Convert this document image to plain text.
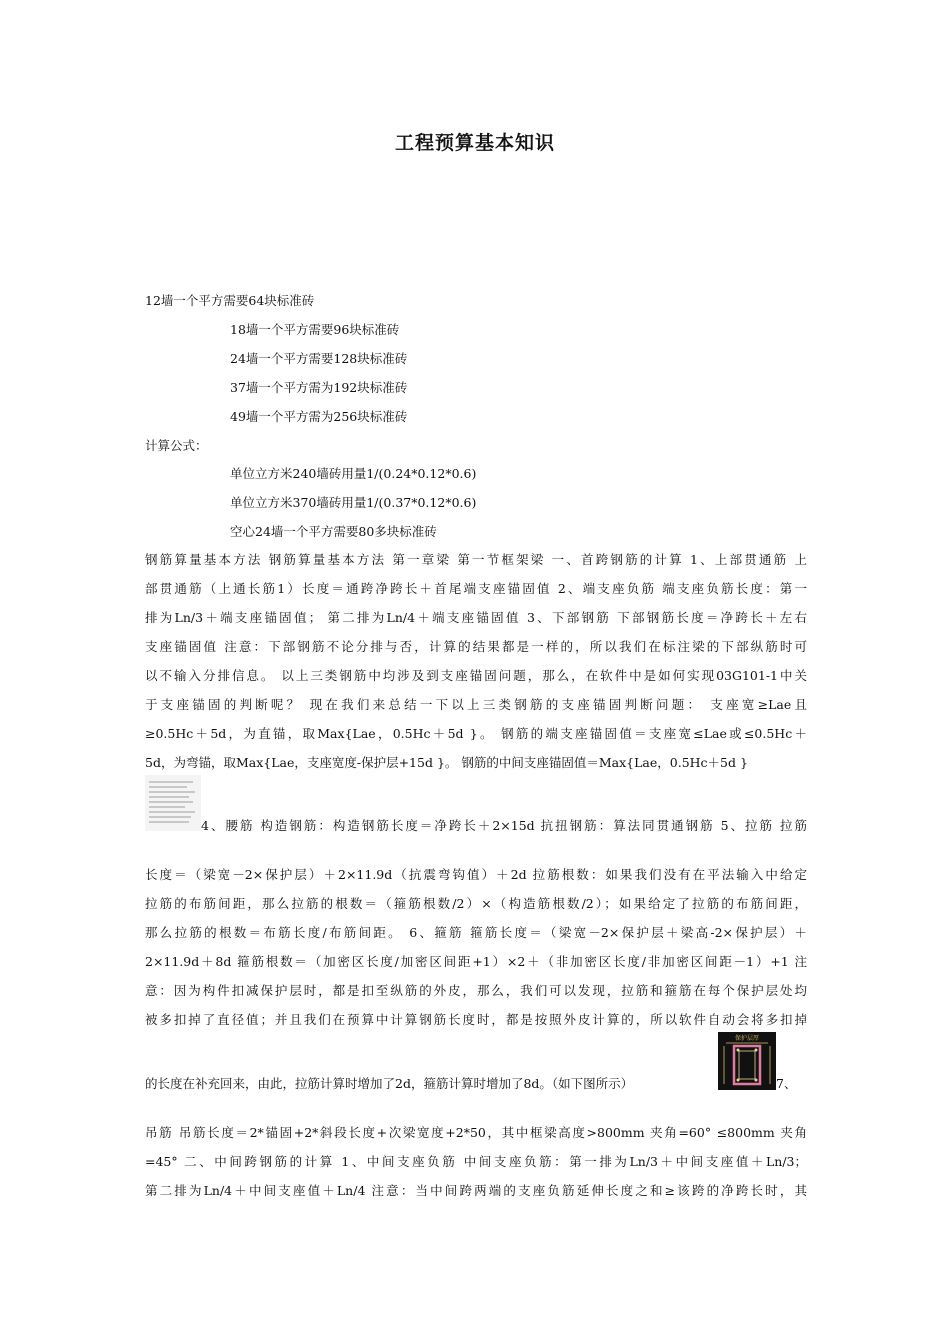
工程预算基本知识
12墙一个平方需要64块标准砖
18墙一个平方需要96块标准砖
24墙一个平方需要128块标准砖
37墙一个平方需为192块标准砖
49墙一个平方需为256块标准砖
计算公式：
单位立方米240墙砖用量1/(0.24*0.12*0.6)
单位立方米370墙砖用量1/(0.37*0.12*0.6)
空心24墙一个平方需要80多块标准砖
钢筋算量基本方法 钢筋算量基本方法 第一章梁 第一节框架梁 一、首跨钢筋的计算 1、上部贯通筋 上
部贯通筋（上通长筋1）长度＝通跨净跨长＋首尾端支座锚固值 2、端支座负筋 端支座负筋长度：第一
排为Ln/3＋端支座锚固值； 第二排为Ln/4＋端支座锚固值 3、下部钢筋 下部钢筋长度＝净跨长＋左右
支座锚固值 注意：下部钢筋不论分排与否，计算的结果都是一样的，所以我们在标注梁的下部纵筋时可
以不输入分排信息。 以上三类钢筋中均涉及到支座锚固问题，那么，在软件中是如何实现03G101-1中关
于支座锚固的判断呢？ 现在我们来总结一下以上三类钢筋的支座锚固判断问题： 支座宽≥Lae且
≥0.5Hc＋5d，为直锚，取Max{Lae，0.5Hc＋5d }。 钢筋的端支座锚固值＝支座宽≤Lae或≤0.5Hc＋
5d，为弯锚，取Max{Lae，支座宽度-保护层+15d }。 钢筋的中间支座锚固值＝Max{Lae，0.5Hc＋5d }
4、腰筋 构造钢筋：构造钢筋长度＝净跨长＋2×15d 抗扭钢筋：算法同贯通钢筋 5、拉筋 拉筋
长度＝（梁宽－2×保护层）＋2×11.9d（抗震弯钩值）＋2d 拉筋根数：如果我们没有在平法输入中给定
拉筋的布筋间距，那么拉筋的根数＝（箍筋根数/2）×（构造筋根数/2）；如果给定了拉筋的布筋间距，
那么拉筋的根数＝布筋长度/布筋间距。 6、箍筋 箍筋长度＝（梁宽－2×保护层＋梁高-2×保护层）＋
2×11.9d＋8d 箍筋根数＝（加密区长度/加密区间距+1）×2＋（非加密区长度/非加密区间距－1）+1 注
意：因为构件扣减保护层时，都是扣至纵筋的外皮，那么，我们可以发现，拉筋和箍筋在每个保护层处均
被多扣掉了直径值；并且我们在预算中计算钢筋长度时，都是按照外皮计算的，所以软件自动会将多扣掉
的长度在补充回来，由此，拉筋计算时增加了2d，箍筋计算时增加了8d。（如下图所示）
保护层厚
7、
吊筋 吊筋长度＝2*锚固+2*斜段长度+次梁宽度+2*50，其中框梁高度>800mm 夹角=60° ≤800mm 夹角
=45° 二、中间跨钢筋的计算 1、中间支座负筋 中间支座负筋：第一排为Ln/3＋中间支座值＋Ln/3；
第二排为Ln/4＋中间支座值＋Ln/4 注意：当中间跨两端的支座负筋延伸长度之和≥该跨的净跨长时，其
